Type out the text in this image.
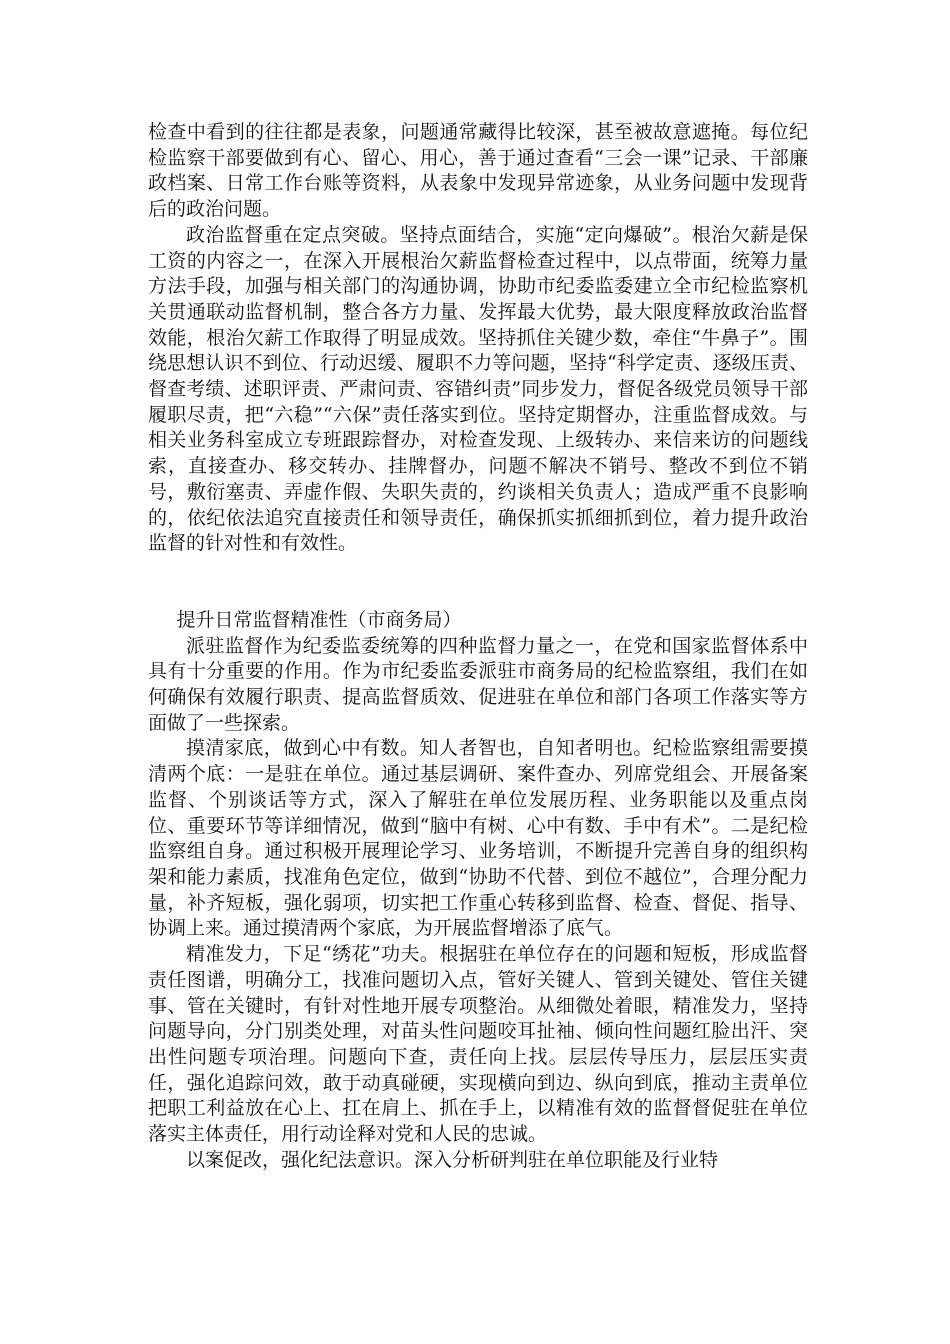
检查中看到的往往都是表象，问题通常藏得比较深，甚至被故意遮掩。每位纪检监察干部要做到有心、留心、用心，善于通过查看“三会一课”记录、干部廉政档案、日常工作台账等资料，从表象中发现异常迹象，从业务问题中发现背后的政治问题。

政治监督重在定点突破。坚持点面结合，实施“定向爆破”。根治欠薪是保工资的内容之一，在深入开展根治欠薪监督检查过程中，以点带面，统筹力量方法手段，加强与相关部门的沟通协调，协助市纪委监委建立全市纪检监察机关贯通联动监督机制，整合各方力量、发挥最大优势，最大限度释放政治监督效能，根治欠薪工作取得了明显成效。坚持抓住关键少数，牵住“牛鼻子”。围绕思想认识不到位、行动迟缓、履职不力等问题，坚持“科学定责、逐级压责、督查考绩、述职评责、严肃问责、容错纠责”同步发力，督促各级党员领导干部履职尽责，把“六稳”“六保”责任落实到位。坚持定期督办，注重监督成效。与相关业务科室成立专班跟踪督办，对检查发现、上级转办、来信来访的问题线索，直接查办、移交转办、挂牌督办，问题不解决不销号、整改不到位不销号，敷衍塞责、弄虚作假、失职失责的，约谈相关负责人；造成严重不良影响的，依纪依法追究直接责任和领导责任，确保抓实抓细抓到位，着力提升政治监督的针对性和有效性。

提升日常监督精准性（市商务局）

派驻监督作为纪委监委统筹的四种监督力量之一，在党和国家监督体系中具有十分重要的作用。作为市纪委监委派驻市商务局的纪检监察组，我们在如何确保有效履行职责、提高监督质效、促进驻在单位和部门各项工作落实等方面做了一些探索。

摸清家底，做到心中有数。知人者智也，自知者明也。纪检监察组需要摸清两个底：一是驻在单位。通过基层调研、案件查办、列席党组会、开展备案监督、个别谈话等方式，深入了解驻在单位发展历程、业务职能以及重点岗位、重要环节等详细情况，做到“脑中有树、心中有数、手中有术”。二是纪检监察组自身。通过积极开展理论学习、业务培训，不断提升完善自身的组织构架和能力素质，找准角色定位，做到“协助不代替、到位不越位”，合理分配力量，补齐短板，强化弱项，切实把工作重心转移到监督、检查、督促、指导、协调上来。通过摸清两个家底，为开展监督增添了底气。

精准发力，下足“绣花”功夫。根据驻在单位存在的问题和短板，形成监督责任图谱，明确分工，找准问题切入点，管好关键人、管到关键处、管住关键事、管在关键时，有针对性地开展专项整治。从细微处着眼，精准发力，坚持问题导向，分门别类处理，对苗头性问题咬耳扯袖、倾向性问题红脸出汗、突出性问题专项治理。问题向下查，责任向上找。层层传导压力，层层压实责任，强化追踪问效，敢于动真碰硬，实现横向到边、纵向到底，推动主责单位把职工利益放在心上、扛在肩上、抓在手上，以精准有效的监督督促驻在单位落实主体责任，用行动诠释对党和人民的忠诚。

以案促改，强化纪法意识。深入分析研判驻在单位职能及行业特
